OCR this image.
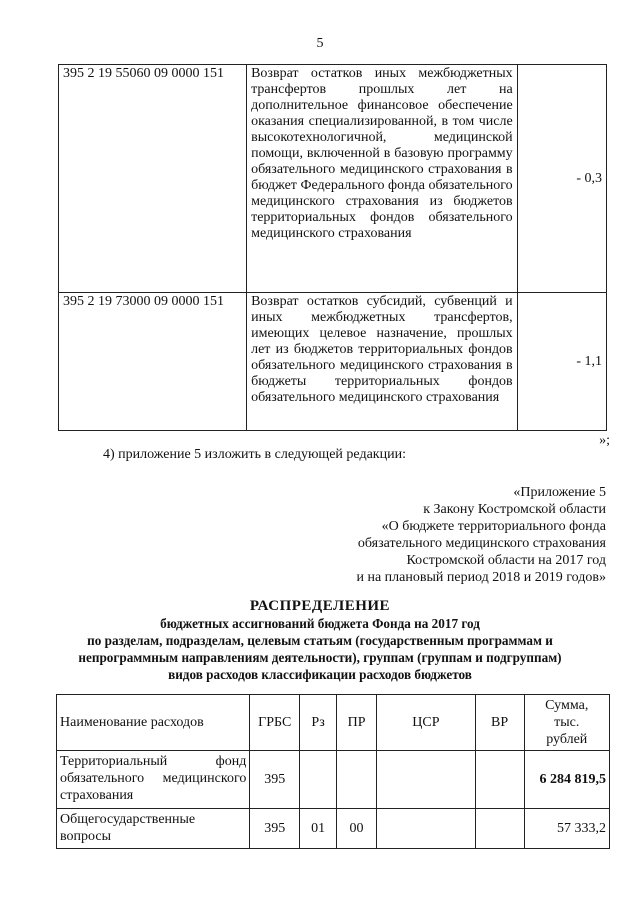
5
395 2 19 55060 09 0000 151	Возврат остатков иных межбюджетных трансфертов прошлых лет на дополнительное финансовое обеспечение оказания специализированной, в том числе высокотехнологичной, медицинской помощи, включенной в базовую программу обязательного медицинского страхования в бюджет Федерального фонда обязательного медицинского страхования из бюджетов территориальных фондов обязательного медицинского страхования	- 0,3
395 2 19 73000 09 0000 151	Возврат остатков субсидий, субвенций и иных межбюджетных трансфертов, имеющих целевое назначение, прошлых лет из бюджетов территориальных фондов обязательного медицинского страхования в бюджеты территориальных фондов обязательного медицинского страхования	- 1,1
»;
4) приложение 5 изложить в следующей редакции:
«Приложение 5
к Закону Костромской области
«О бюджете территориального фонда
обязательного медицинского страхования
Костромской области на 2017 год
и на плановый период 2018 и 2019 годов»
РАСПРЕДЕЛЕНИЕ
бюджетных ассигнований бюджета Фонда на 2017 год
по разделам, подразделам, целевым статьям (государственным программам и
непрограммным направлениям деятельности), группам (группам и подгруппам)
видов расходов классификации расходов бюджетов
Наименование расходов	ГРБС	Рз	ПР	ЦСР	ВР	Сумма,
тыс.
рублей

Территориальный фонд обязательного медицинского страхования	395					6 284 819,5
Общегосударственные вопросы	395	01	00			57 333,2
